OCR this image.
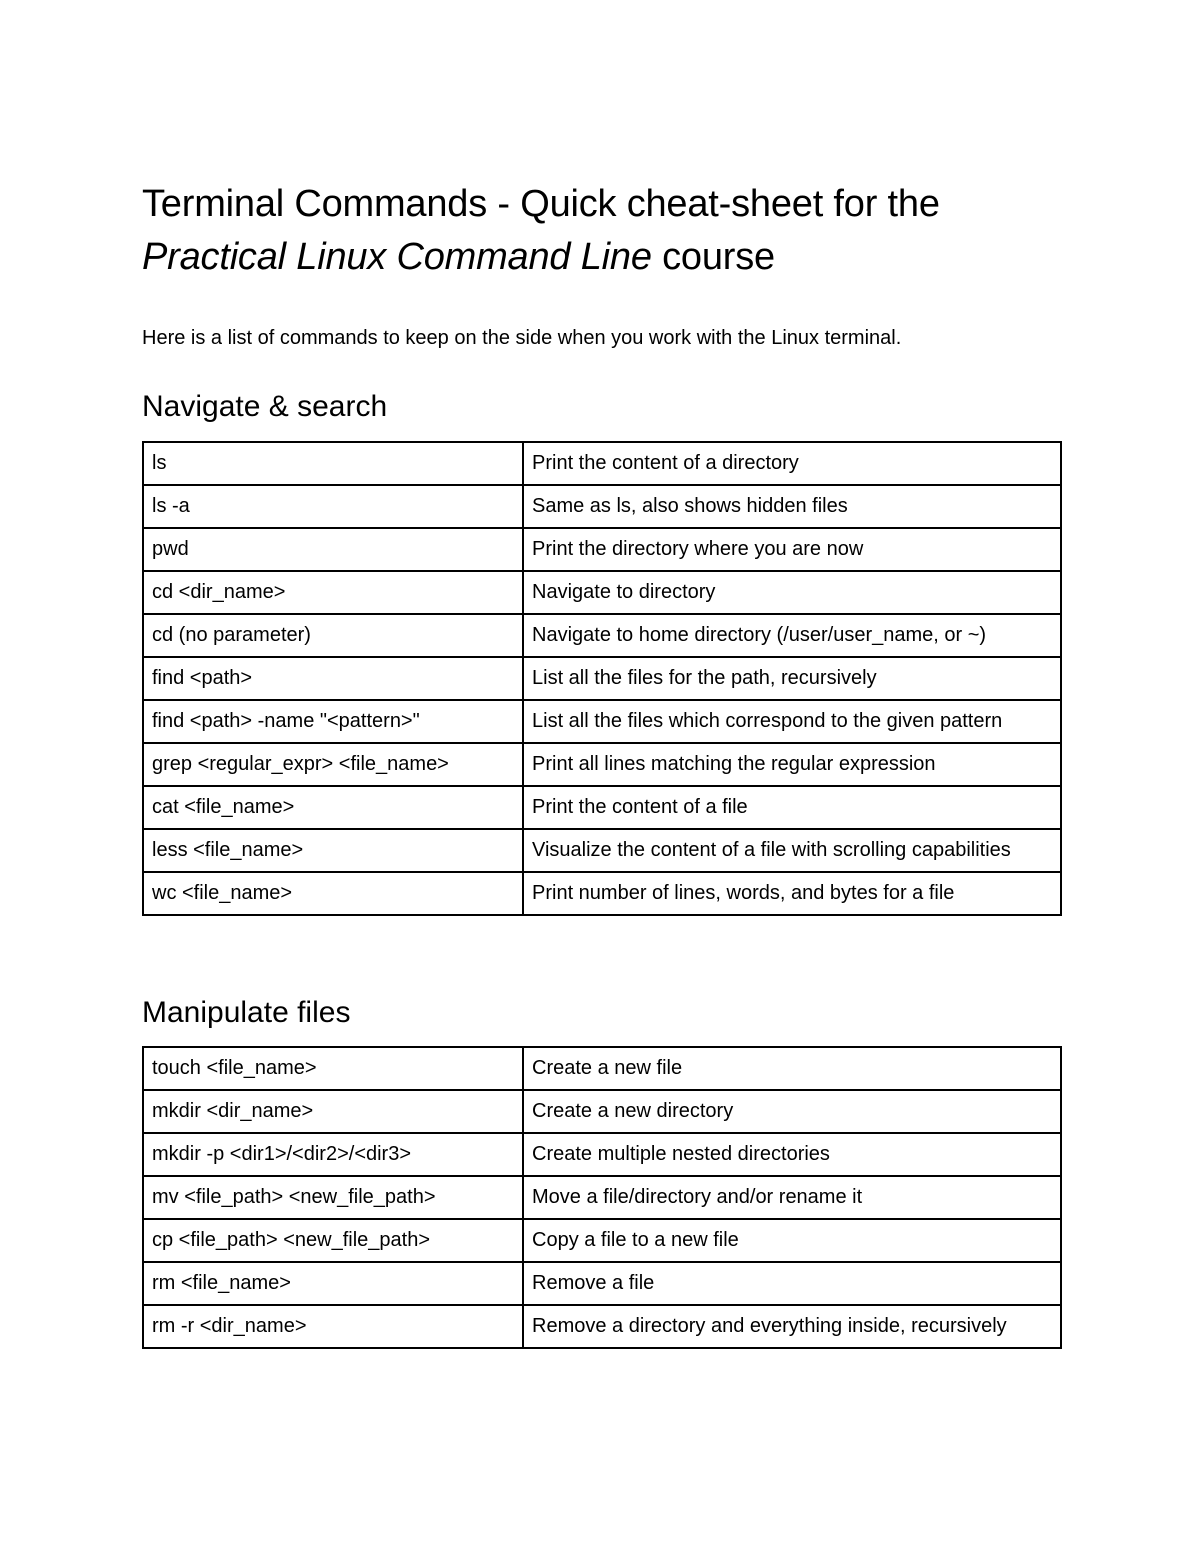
Terminal Commands - Quick cheat-sheet for the
Practical Linux Command Line course

Here is a list of commands to keep on the side when you work with the Linux terminal.

Navigate & search
ls	Print the content of a directory
ls -a	Same as ls, also shows hidden files
pwd	Print the directory where you are now
cd <dir_name>	Navigate to directory
cd (no parameter)	Navigate to home directory (/user/user_name, or ~)
find <path>	List all the files for the path, recursively
find <path> -name "<pattern>"	List all the files which correspond to the given pattern
grep <regular_expr> <file_name>	Print all lines matching the regular expression
cat <file_name>	Print the content of a file
less <file_name>	Visualize the content of a file with scrolling capabilities
wc <file_name>	Print number of lines, words, and bytes for a file
Manipulate files
touch <file_name>	Create a new file
mkdir <dir_name>	Create a new directory
mkdir -p <dir1>/<dir2>/<dir3>	Create multiple nested directories
mv <file_path> <new_file_path>	Move a file/directory and/or rename it
cp <file_path> <new_file_path>	Copy a file to a new file
rm <file_name>	Remove a file
rm -r <dir_name>	Remove a directory and everything inside, recursively
